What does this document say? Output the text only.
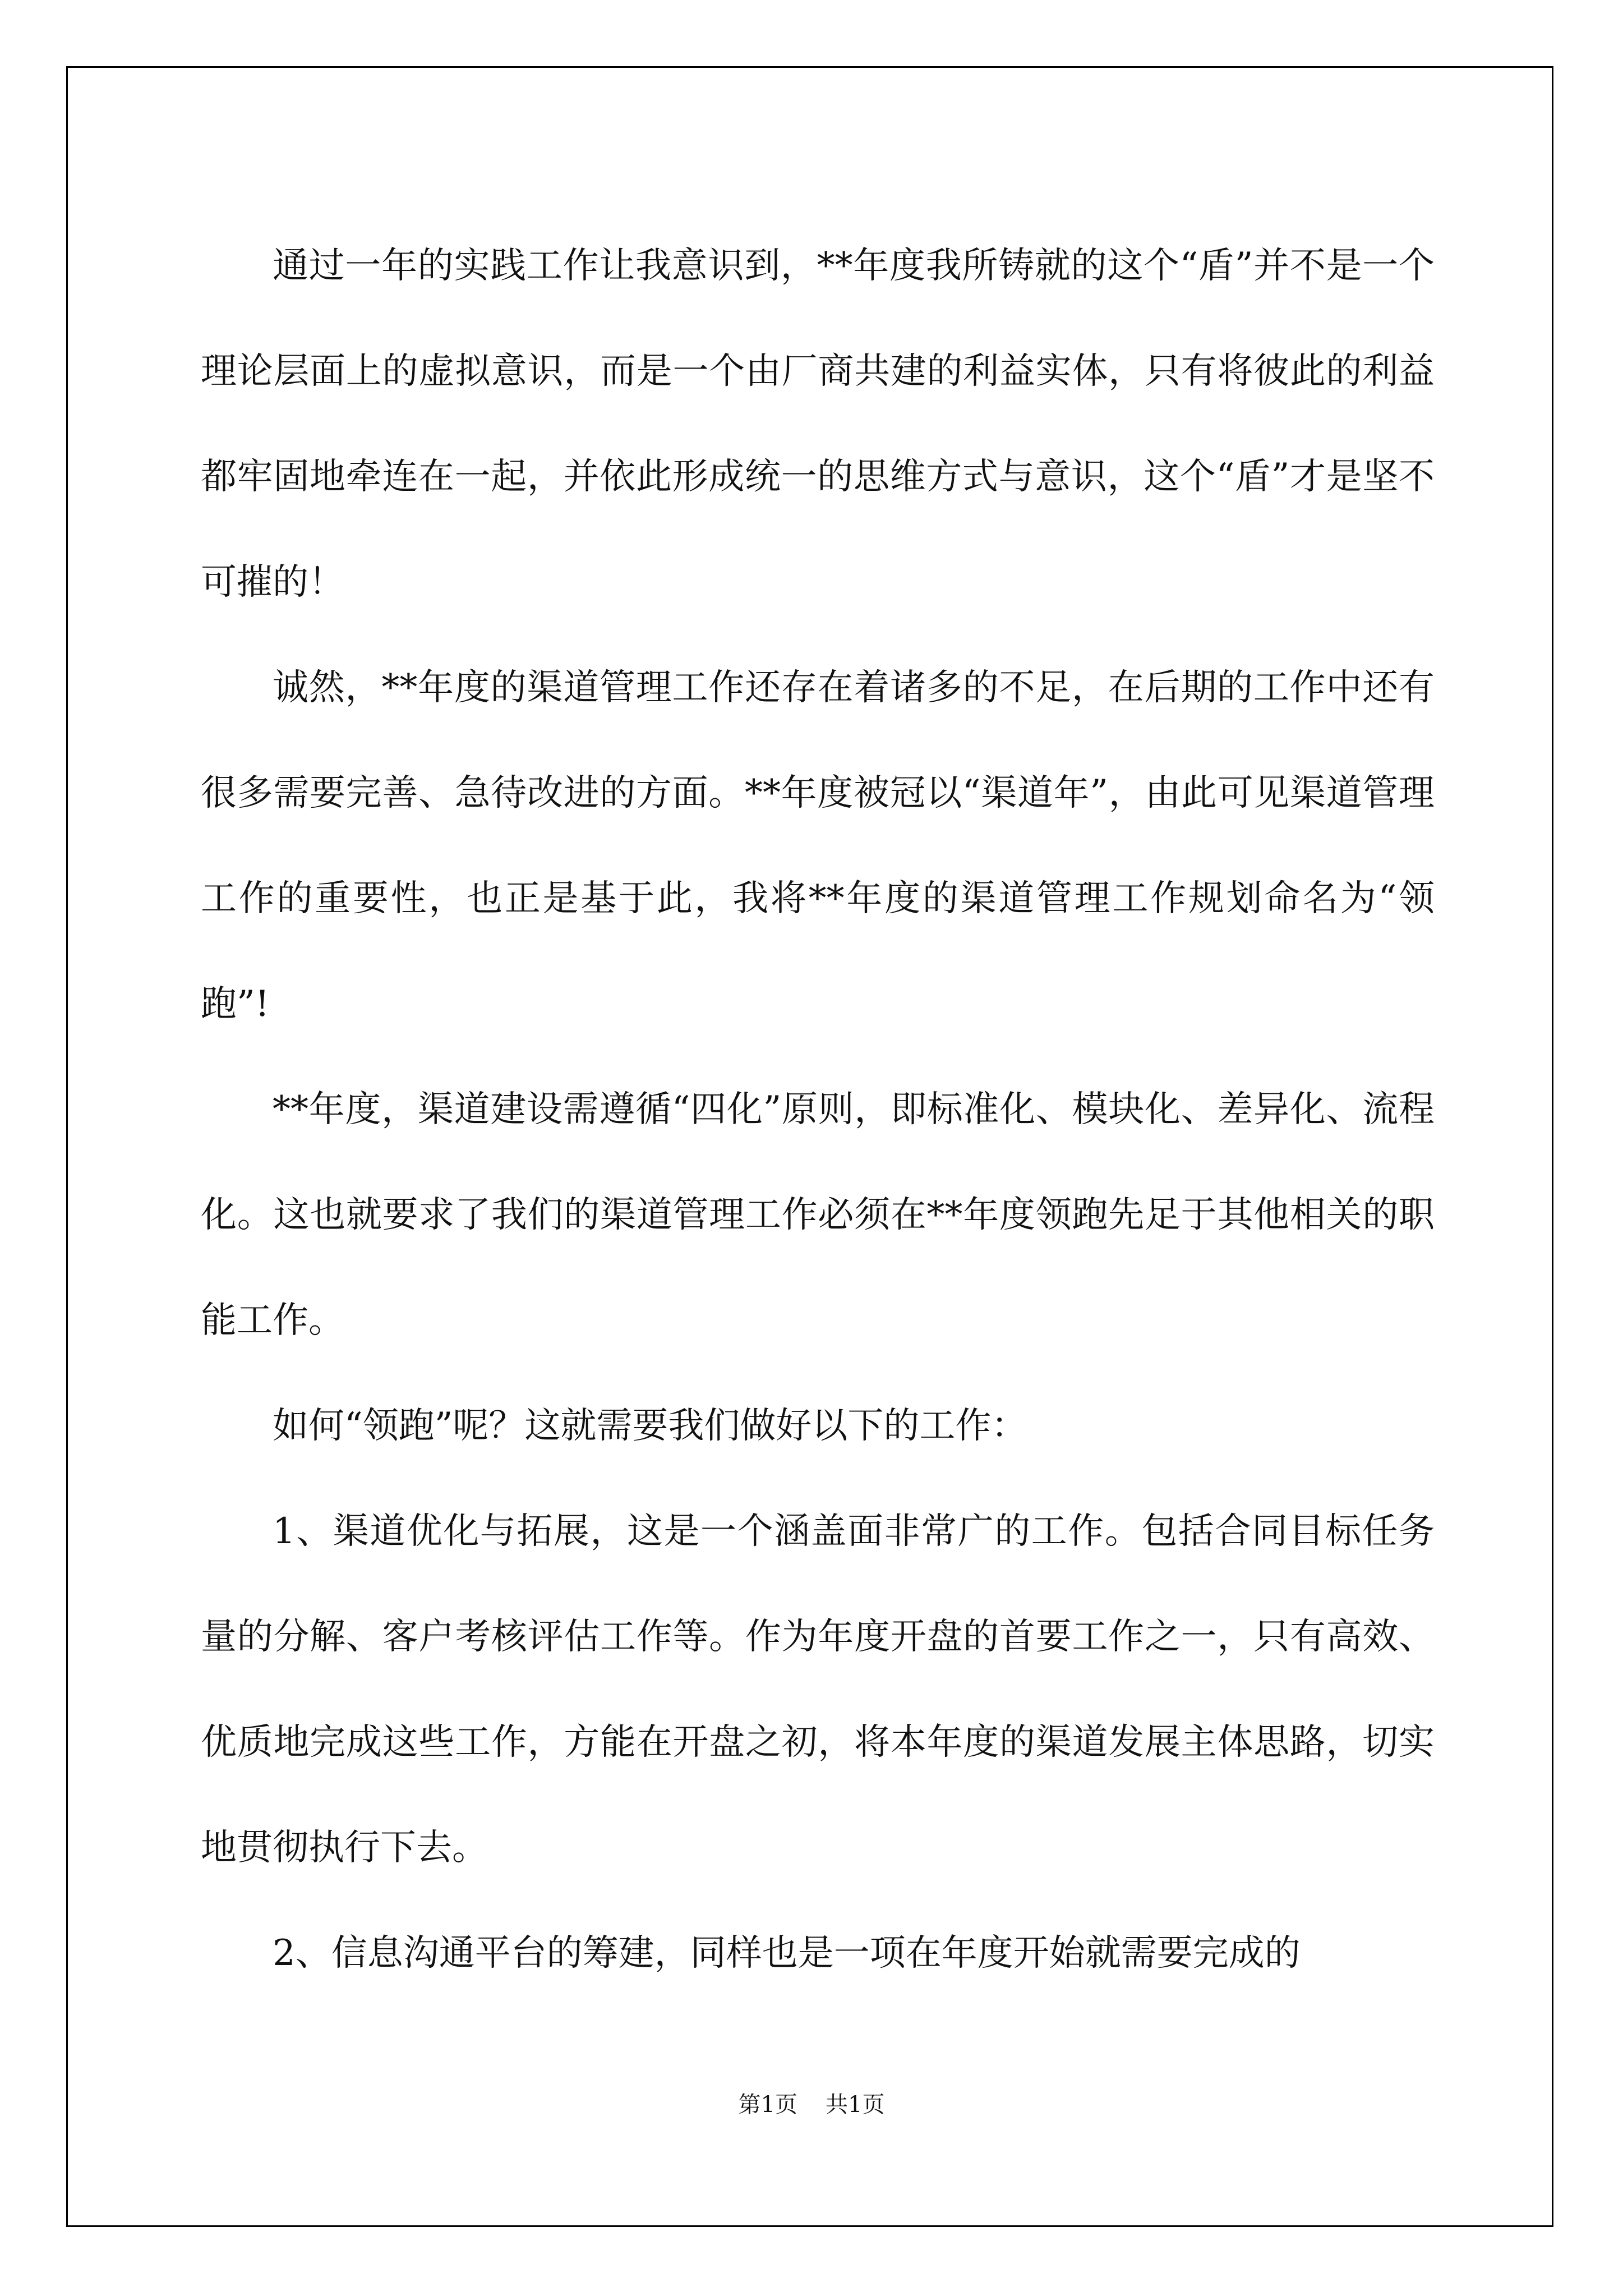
通过一年的实践工作让我意识到，**年度我所铸就的这个“盾”并不是一个理论层面上的虚拟意识，而是一个由厂商共建的利益实体，只有将彼此的利益都牢固地牵连在一起，并依此形成统一的思维方式与意识，这个“盾”才是坚不可摧的！

诚然，**年度的渠道管理工作还存在着诸多的不足，在后期的工作中还有很多需要完善、急待改进的方面。**年度被冠以“渠道年”，由此可见渠道管理工作的重要性，也正是基于此，我将**年度的渠道管理工作规划命名为“领跑”!

**年度，渠道建设需遵循“四化”原则，即标准化、模块化、差异化、流程化。这也就要求了我们的渠道管理工作必须在**年度领跑先足于其他相关的职能工作。

如何“领跑”呢？这就需要我们做好以下的工作：

1、渠道优化与拓展，这是一个涵盖面非常广的工作。包括合同目标任务量的分解、客户考核评估工作等。作为年度开盘的首要工作之一，只有高效、优质地完成这些工作，方能在开盘之初，将本年度的渠道发展主体思路，切实地贯彻执行下去。

2、信息沟通平台的筹建，同样也是一项在年度开始就需要完成的

第1页 共1页
